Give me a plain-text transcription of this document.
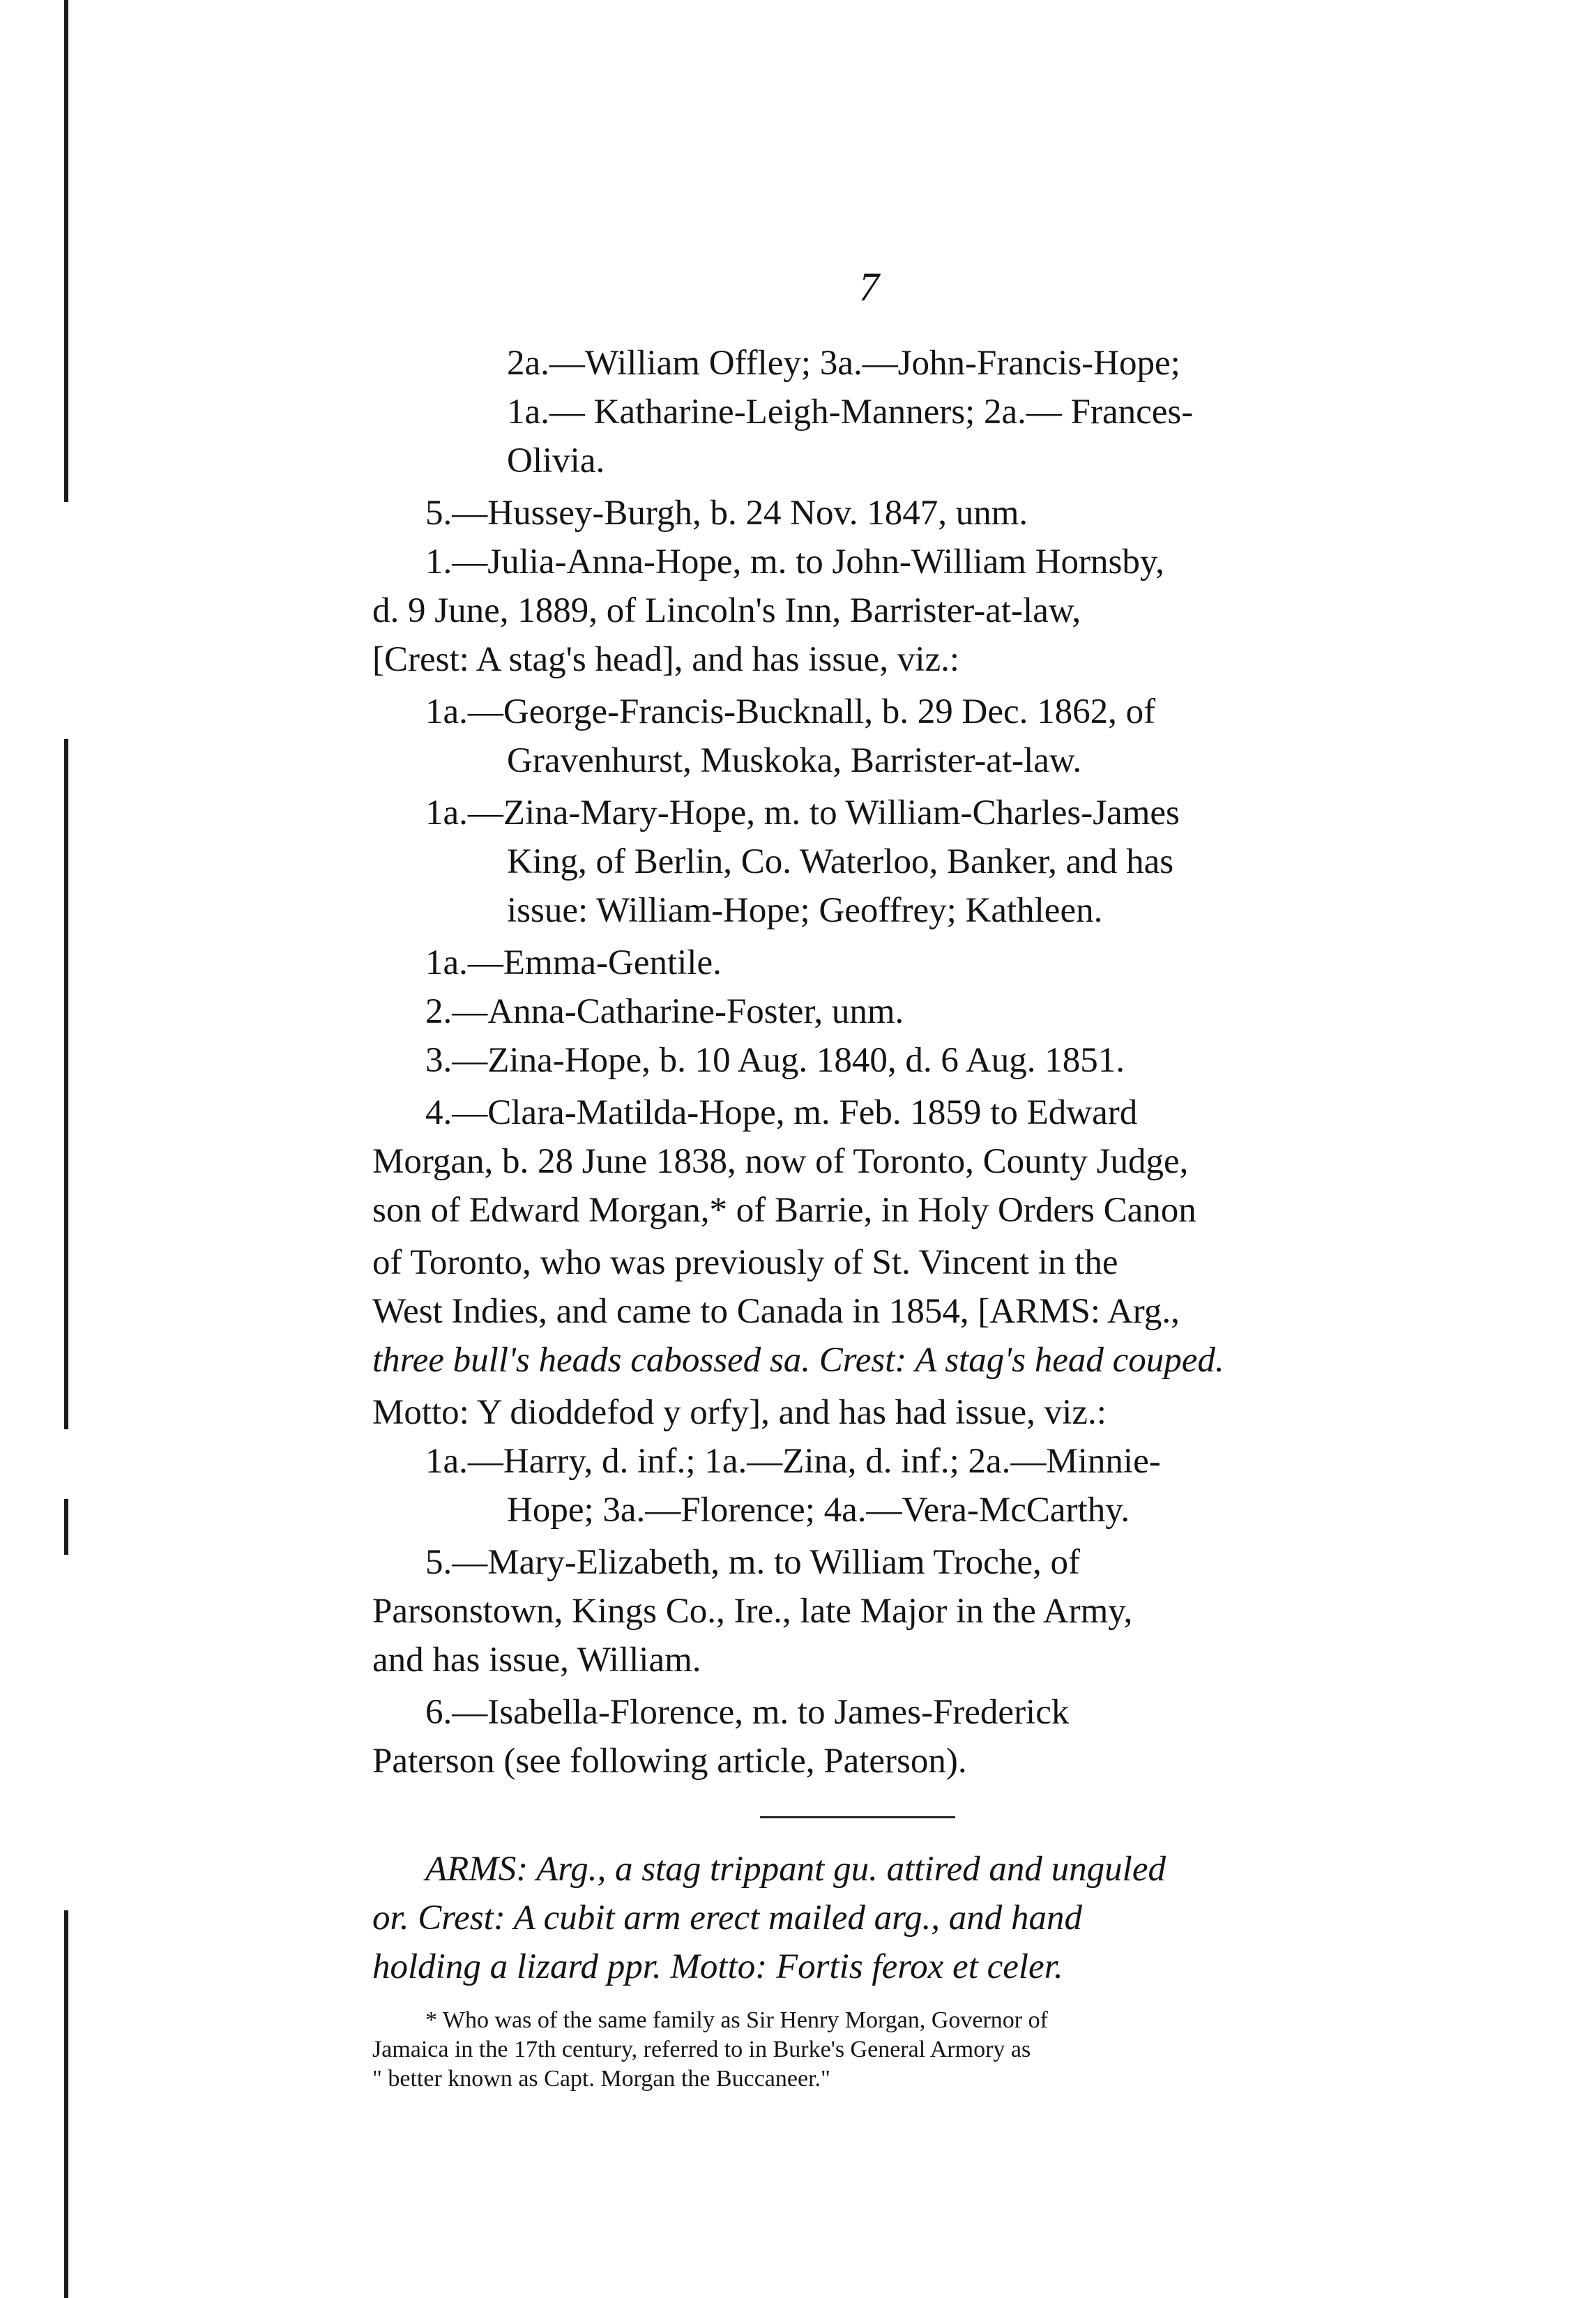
7
2a.—William Offley; 3a.—John-Francis-Hope;
1a.— Katharine-Leigh-Manners; 2a.— Frances-
Olivia.
5.—Hussey-Burgh, b. 24 Nov. 1847, unm.
1.—Julia-Anna-Hope, m. to John-William Hornsby,
d. 9 June, 1889, of Lincoln's Inn, Barrister-at-law,
[Crest: A stag's head], and has issue, viz.:
1a.—George-Francis-Bucknall, b. 29 Dec. 1862, of
Gravenhurst, Muskoka, Barrister-at-law.
1a.—Zina-Mary-Hope, m. to William-Charles-James
King, of Berlin, Co. Waterloo, Banker, and has
issue: William-Hope; Geoffrey; Kathleen.
1a.—Emma-Gentile.
2.—Anna-Catharine-Foster, unm.
3.—Zina-Hope, b. 10 Aug. 1840, d. 6 Aug. 1851.
4.—Clara-Matilda-Hope, m. Feb. 1859 to Edward
Morgan, b. 28 June 1838, now of Toronto, County Judge,
son of Edward Morgan,* of Barrie, in Holy Orders Canon
of Toronto, who was previously of St. Vincent in the
West Indies, and came to Canada in 1854, [ARMS: Arg.,
three bull's heads cabossed sa. Crest: A stag's head couped.
Motto: Y dioddefod y orfy], and has had issue, viz.:
1a.—Harry, d. inf.; 1a.—Zina, d. inf.; 2a.—Minnie-
Hope; 3a.—Florence; 4a.—Vera-McCarthy.
5.—Mary-Elizabeth, m. to William Troche, of
Parsonstown, Kings Co., Ire., late Major in the Army,
and has issue, William.
6.—Isabella-Florence, m. to James-Frederick
Paterson (see following article, Paterson).
ARMS: Arg., a stag trippant gu. attired and unguled
or. Crest: A cubit arm erect mailed arg., and hand
holding a lizard ppr. Motto: Fortis ferox et celer.
* Who was of the same family as Sir Henry Morgan, Governor of
Jamaica in the 17th century, referred to in Burke's General Armory as
" better known as Capt. Morgan the Buccaneer."
